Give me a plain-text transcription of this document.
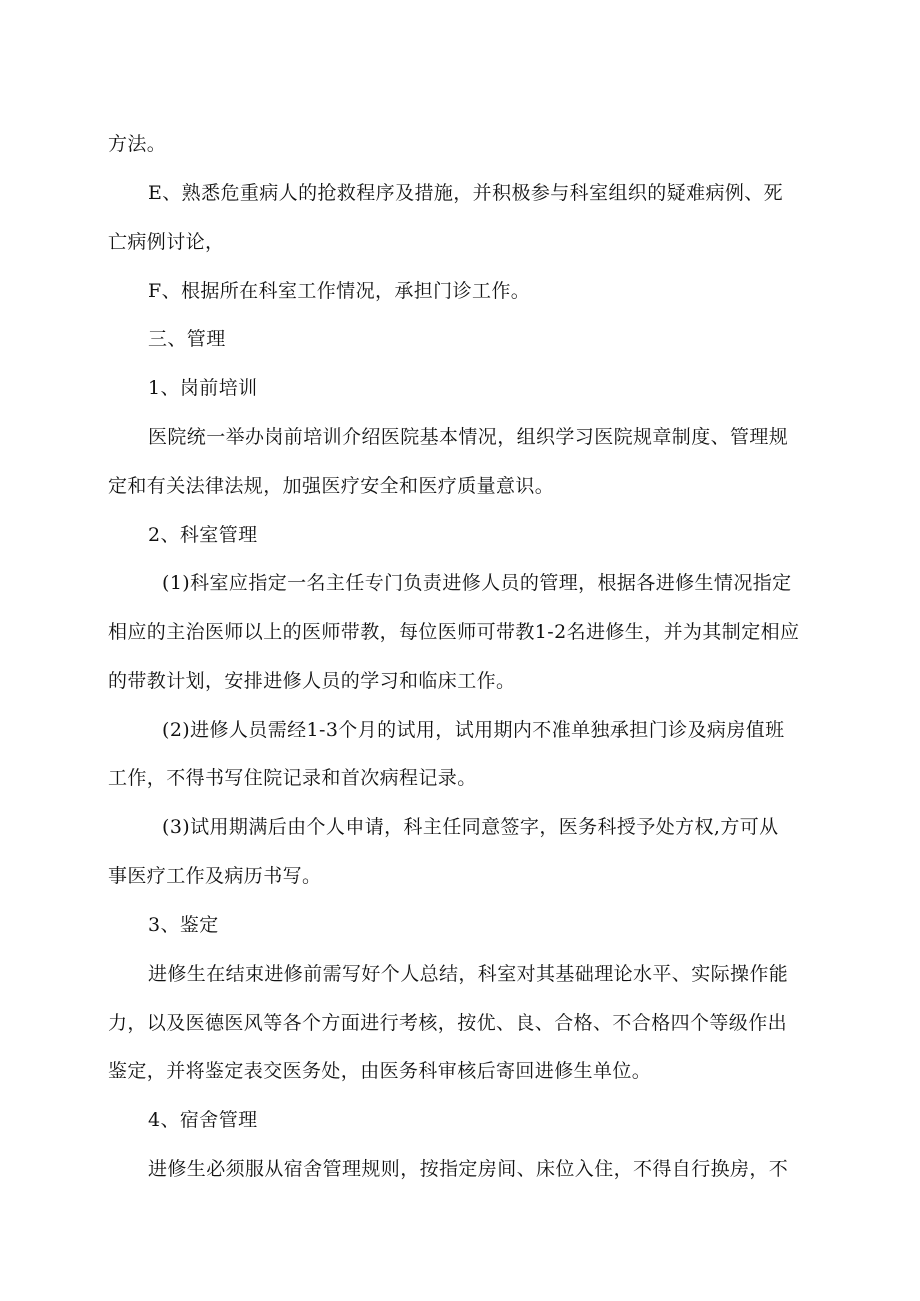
方法。
E、熟悉危重病人的抢救程序及措施，并积极参与科室组织的疑难病例、死
亡病例讨论，
F、根据所在科室工作情况，承担门诊工作。
三、管理
1、岗前培训
医院统一举办岗前培训介绍医院基本情况，组织学习医院规章制度、管理规
定和有关法律法规，加强医疗安全和医疗质量意识。
2、科室管理
(1)科室应指定一名主任专门负责进修人员的管理，根据各进修生情况指定
相应的主治医师以上的医师带教，每位医师可带教1-2名进修生，并为其制定相应
的带教计划，安排进修人员的学习和临床工作。
(2)进修人员需经1-3个月的试用，试用期内不准单独承担门诊及病房值班
工作，不得书写住院记录和首次病程记录。
(3)试用期满后由个人申请，科主任同意签字，医务科授予处方权,方可从
事医疗工作及病历书写。
3、鉴定
进修生在结束进修前需写好个人总结，科室对其基础理论水平、实际操作能
力，以及医德医风等各个方面进行考核，按优、良、合格、不合格四个等级作出
鉴定，并将鉴定表交医务处，由医务科审核后寄回进修生单位。
4、宿舍管理
进修生必须服从宿舍管理规则，按指定房间、床位入住，不得自行换房，不
